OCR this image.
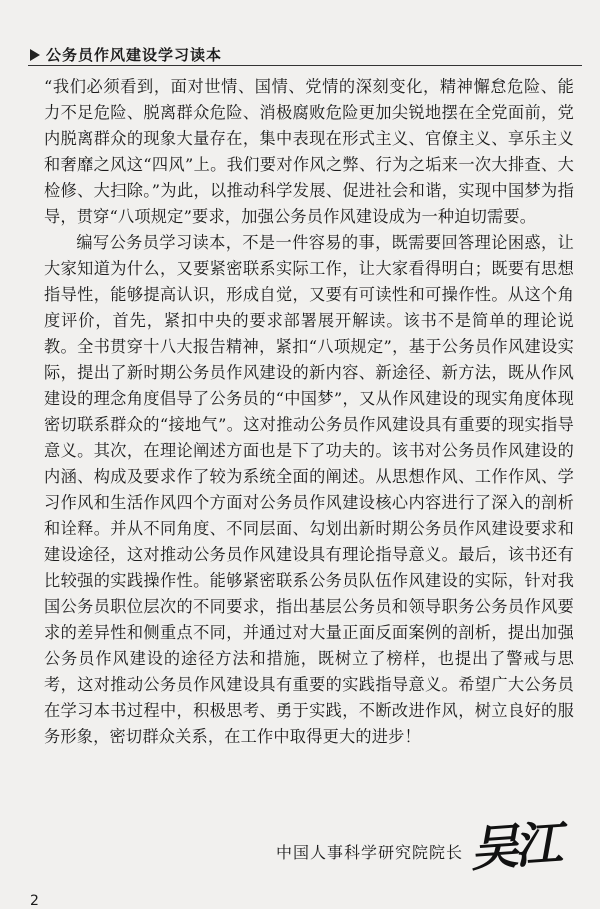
公务员作风建设学习读本

“我们必须看到，面对世情、国情、党情的深刻变化，精神懈怠危险、能力不足危险、脱离群众危险、消极腐败危险更加尖锐地摆在全党面前，党内脱离群众的现象大量存在，集中表现在形式主义、官僚主义、享乐主义和奢靡之风这“四风”上。我们要对作风之弊、行为之垢来一次大排查、大检修、大扫除。”为此，以推动科学发展、促进社会和谐，实现中国梦为指导，贯穿“八项规定”要求，加强公务员作风建设成为一种迫切需要。

编写公务员学习读本，不是一件容易的事，既需要回答理论困惑，让大家知道为什么，又要紧密联系实际工作，让大家看得明白；既要有思想指导性，能够提高认识，形成自觉，又要有可读性和可操作性。从这个角度评价，首先，紧扣中央的要求部署展开解读。该书不是简单的理论说教。全书贯穿十八大报告精神，紧扣“八项规定”，基于公务员作风建设实际，提出了新时期公务员作风建设的新内容、新途径、新方法，既从作风建设的理念角度倡导了公务员的“中国梦”，又从作风建设的现实角度体现密切联系群众的“接地气”。这对推动公务员作风建设具有重要的现实指导意义。其次，在理论阐述方面也是下了功夫的。该书对公务员作风建设的内涵、构成及要求作了较为系统全面的阐述。从思想作风、工作作风、学习作风和生活作风四个方面对公务员作风建设核心内容进行了深入的剖析和诠释。并从不同角度、不同层面、勾划出新时期公务员作风建设要求和建设途径，这对推动公务员作风建设具有理论指导意义。最后，该书还有比较强的实践操作性。能够紧密联系公务员队伍作风建设的实际，针对我国公务员职位层次的不同要求，指出基层公务员和领导职务公务员作风要求的差异性和侧重点不同，并通过对大量正面反面案例的剖析，提出加强公务员作风建设的途径方法和措施，既树立了榜样，也提出了警戒与思考，这对推动公务员作风建设具有重要的实践指导意义。希望广大公务员在学习本书过程中，积极思考、勇于实践，不断改进作风，树立良好的服务形象，密切群众关系，在工作中取得更大的进步！

中国人事科学研究院院长 吴江
2
